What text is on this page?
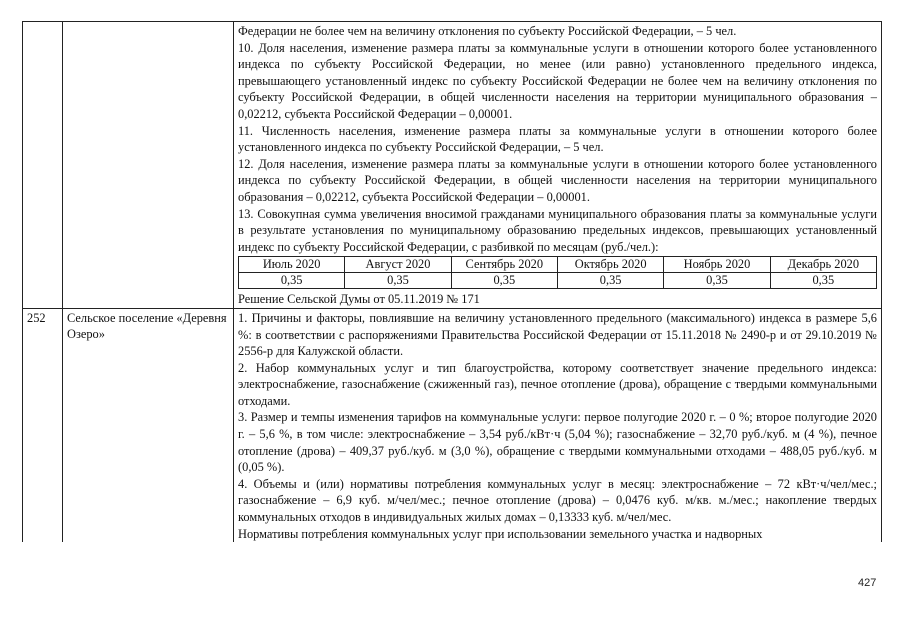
Федерации не более чем на величину отклонения по субъекту Российской Федерации, – 5 чел.

10. Доля населения, изменение размера платы за коммунальные услуги в отношении которого более установленного индекса по субъекту Российской Федерации, но менее (или равно) установленного предельного индекса, превышающего установленный индекс по субъекту Российской Федерации не более чем на величину отклонения по субъекту Российской Федерации, в общей численности населения на территории муниципального образования – 0,02212, субъекта Российской Федерации – 0,00001.

11. Численность населения, изменение размера платы за коммунальные услуги в отношении которого более установленного индекса по субъекту Российской Федерации, – 5 чел.

12. Доля населения, изменение размера платы за коммунальные услуги в отношении которого более установленного индекса по субъекту Российской Федерации, в общей численности населения на территории муниципального образования – 0,02212, субъекта Российской Федерации – 0,00001.

13. Совокупная сумма увеличения вносимой гражданами муниципального образования платы за коммунальные услуги в результате установления по муниципальному образованию предельных индексов, превышающих установленный индекс по субъекту Российской Федерации, с разбивкой по месяцам (руб./чел.):

Июль 2020	Август 2020	Сентябрь 2020	Октябрь 2020	Ноябрь 2020	Декабрь 2020
0,35	0,35	0,35	0,35	0,35	0,35

Решение Сельской Думы от 05.11.2019 № 171

252	Сельское поселение «Деревня Озеро»	

1. Причины и факторы, повлиявшие на величину установленного предельного (максимального) индекса в размере 5,6 %: в соответствии с распоряжениями Правительства Российской Федерации от 15.11.2018 № 2490-р и от 29.10.2019 № 2556-р для Калужской области.

2. Набор коммунальных услуг и тип благоустройства, которому соответствует значение предельного индекса: электроснабжение, газоснабжение (сжиженный газ), печное отопление (дрова), обращение с твердыми коммунальными отходами.

3. Размер и темпы изменения тарифов на коммунальные услуги: первое полугодие 2020 г. – 0 %; второе полугодие 2020 г. – 5,6 %, в том числе: электроснабжение – 3,54 руб./кВт·ч (5,04 %); газоснабжение – 32,70 руб./куб. м (4 %), печное отопление (дрова) – 409,37 руб./куб. м (3,0 %), обращение с твердыми коммунальными отходами – 488,05 руб./куб. м (0,05 %).

4. Объемы и (или) нормативы потребления коммунальных услуг в месяц: электроснабжение – 72 кВт·ч/чел/мес.; газоснабжение – 6,9 куб. м/чел/мес.; печное отопление (дрова) – 0,0476 куб. м/кв. м./мес.; накопление твердых коммунальных отходов в индивидуальных жилых домах – 0,13333 куб. м/чел/мес.

Нормативы потребления коммунальных услуг при использовании земельного участка и надворных

427
